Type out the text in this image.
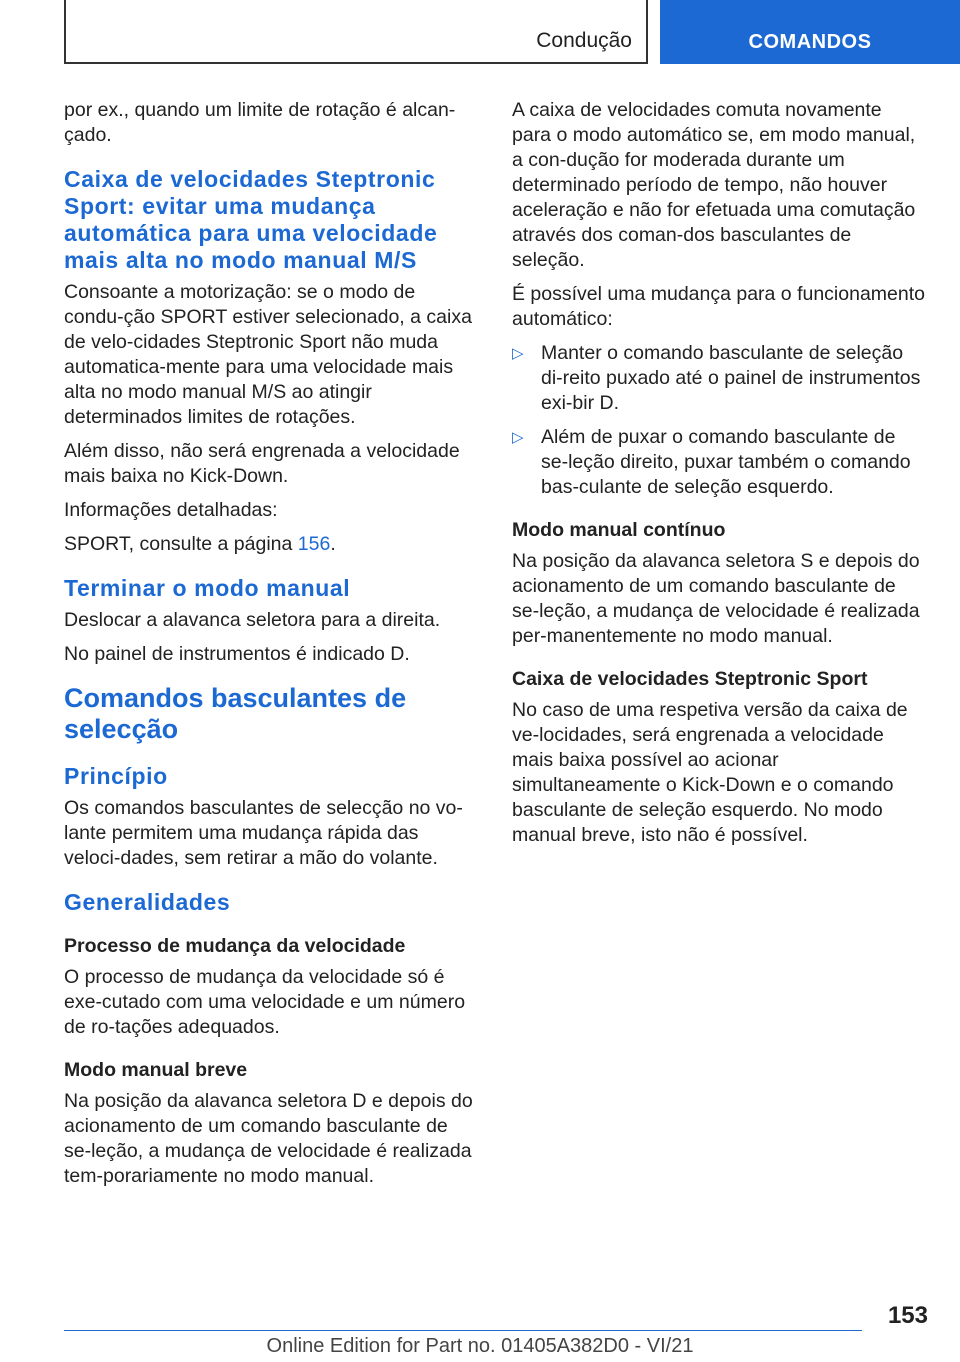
Condução	COMANDOS

por ex., quando um limite de rotação é alcan-çado.

Caixa de velocidades Steptronic Sport: evitar uma mudança automática para uma velocidade mais alta no modo manual M/S

Consoante a motorização: se o modo de condu-ção SPORT estiver selecionado, a caixa de velo-cidades Steptronic Sport não muda automatica-mente para uma velocidade mais alta no modo manual M/S ao atingir determinados limites de rotações.

Além disso, não será engrenada a velocidade mais baixa no Kick-Down.

Informações detalhadas:

SPORT, consulte a página 156.

Terminar o modo manual

Deslocar a alavanca seletora para a direita.

No painel de instrumentos é indicado D.

Comandos basculantes de selecção
Princípio

Os comandos basculantes de selecção no vo-lante permitem uma mudança rápida das veloci-dades, sem retirar a mão do volante.

Generalidades
Processo de mudança da velocidade

O processo de mudança da velocidade só é exe-cutado com uma velocidade e um número de ro-tações adequados.

Modo manual breve

Na posição da alavanca seletora D e depois do acionamento de um comando basculante de se-leção, a mudança de velocidade é realizada tem-porariamente no modo manual.

A caixa de velocidades comuta novamente para o modo automático se, em modo manual, a con-dução for moderada durante um determinado período de tempo, não houver aceleração e não for efetuada uma comutação através dos coman-dos basculantes de seleção.

É possível uma mudança para o funcionamento automático:

▷ Manter o comando basculante de seleção di-reito puxado até o painel de instrumentos exi-bir D.
▷ Além de puxar o comando basculante de se-leção direito, puxar também o comando bas-culante de seleção esquerdo.
Modo manual contínuo

Na posição da alavanca seletora S e depois do acionamento de um comando basculante de se-leção, a mudança de velocidade é realizada per-manentemente no modo manual.

Caixa de velocidades Steptronic Sport

No caso de uma respetiva versão da caixa de ve-locidades, será engrenada a velocidade mais baixa possível ao acionar simultaneamente o Kick-Down e o comando basculante de seleção esquerdo. No modo manual breve, isto não é possível.

153
Online Edition for Part no. 01405A382D0 - VI/21
